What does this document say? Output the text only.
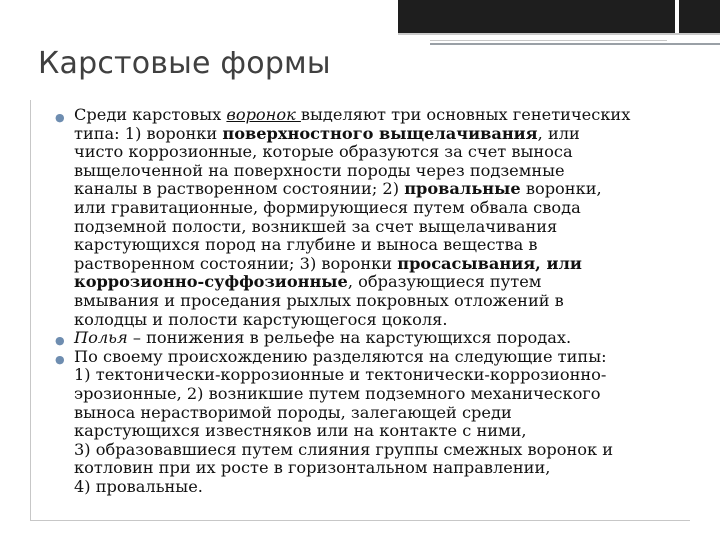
Карстовые формы
● Среди карстовых воронок выделяют три основных генетических
типа: 1) воронки поверхностного выщелачивания, или
чисто коррозионные, которые образуются за счет выноса
выщелоченной на поверхности породы через подземные
каналы в растворенном состоянии; 2) провальные воронки,
или гравитационные, формирующиеся путем обвала свода
подземной полости, возникшей за счет выщелачивания
карстующихся пород на глубине и выноса вещества в
растворенном состоянии; 3) воронки просасывания, или
коррозионно-суффозионные, образующиеся путем
вмывания и проседания рыхлых покровных отложений в
колодцы и полости карстующегося цоколя.
● Полья – понижения в рельефе на карстующихся породах.
● По своему происхождению разделяются на следующие типы:
1) тектонически-коррозионные и тектонически-коррозионно-
эрозионные, 2) возникшие путем подземного механического
выноса нерастворимой породы, залегающей среди
карстующихся известняков или на контакте с ними,
3) образовавшиеся путем слияния группы смежных воронок и
котловин при их росте в горизонтальном направлении,
4) провальные.
